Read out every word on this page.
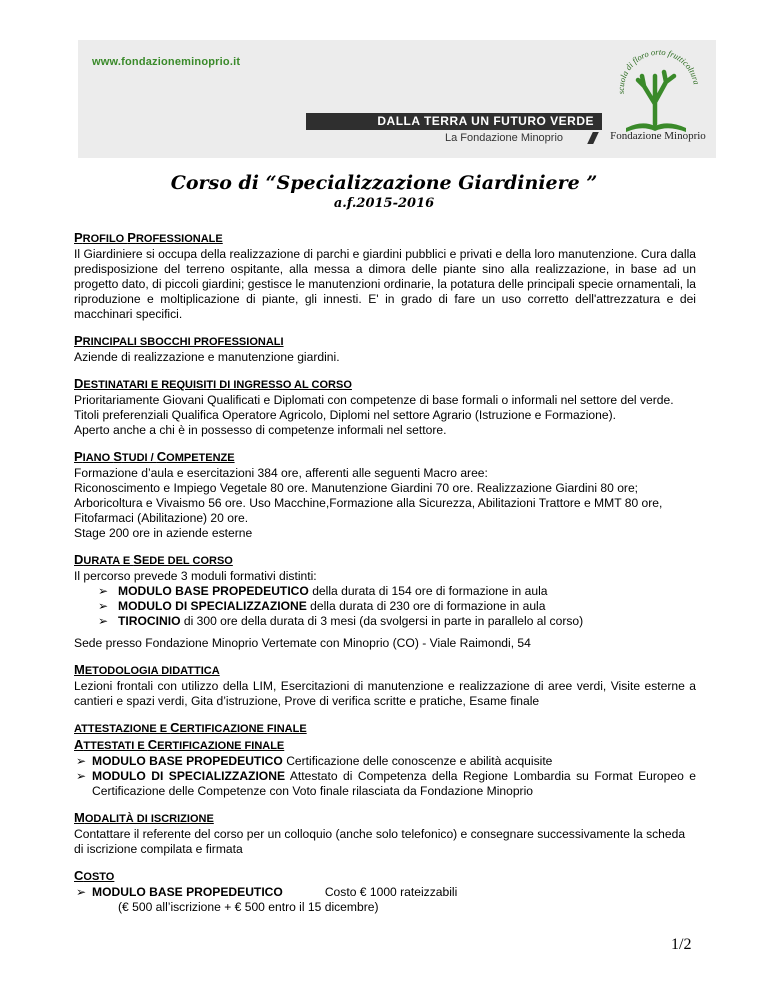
www.fondazioneminoprio.it
DALLA TERRA UN FUTURO VERDE
La Fondazione Minoprio
scuola di floro orto frutticoltura
Fondazione Minoprio
Corso di “Specializzazione Giardiniere ”
a.f.2015-2016
PROFILO PROFESSIONALE

Il Giardiniere si occupa della realizzazione di parchi e giardini pubblici e privati e della loro manutenzione. Cura dalla predisposizione del terreno ospitante, alla messa a dimora delle piante sino alla realizzazione, in base ad un progetto dato, di piccoli giardini; gestisce le manutenzioni ordinarie, la potatura delle principali specie ornamentali, la riproduzione e moltiplicazione di piante, gli innesti. E' in grado di fare un uso corretto dell'attrezzatura e dei macchinari specifici.

PRINCIPALI SBOCCHI PROFESSIONALI

Aziende di realizzazione e manutenzione giardini.

DESTINATARI E REQUISITI DI INGRESSO AL CORSO

Prioritariamente Giovani Qualificati e Diplomati con competenze di base formali o informali nel settore del verde.

Titoli preferenziali Qualifica Operatore Agricolo, Diplomi nel settore Agrario (Istruzione e Formazione).

Aperto anche a chi è in possesso di competenze informali nel settore.

PIANO STUDI / COMPETENZE

Formazione d’aula e esercitazioni 384 ore, afferenti alle seguenti Macro aree:

Riconoscimento e Impiego Vegetale 80 ore. Manutenzione Giardini 70 ore. Realizzazione Giardini 80 ore; Arboricoltura e Vivaismo 56 ore. Uso Macchine,Formazione alla Sicurezza, Abilitazioni Trattore e MMT 80 ore, Fitofarmaci (Abilitazione) 20 ore.

Stage 200 ore in aziende esterne

DURATA E SEDE DEL CORSO

Il percorso prevede 3 moduli formativi distinti:

➢ MODULO BASE PROPEDEUTICO della durata di 154 ore di formazione in aula
➢ MODULO DI SPECIALIZZAZIONE della durata di 230 ore di formazione in aula
➢ TIROCINIO di 300 ore della durata di 3 mesi (da svolgersi in parte in parallelo al corso)

Sede presso Fondazione Minoprio Vertemate con Minoprio (CO) - Viale Raimondi, 54

METODOLOGIA DIDATTICA

Lezioni frontali con utilizzo della LIM, Esercitazioni di manutenzione e realizzazione di aree verdi, Visite esterne a cantieri e spazi verdi, Gita d’istruzione, Prove di verifica scritte e pratiche, Esame finale

ATTESTAZIONE E CERTIFICAZIONE FINALE
ATTESTATI E CERTIFICAZIONE FINALE
➢ MODULO BASE PROPEDEUTICO Certificazione delle conoscenze e abilità acquisite
➢ MODULO DI SPECIALIZZAZIONE Attestato di Competenza della Regione Lombardia su Format Europeo e Certificazione delle Competenze con Voto finale rilasciata da Fondazione Minoprio
MODALITÀ DI ISCRIZIONE

Contattare il referente del corso per un colloquio (anche solo telefonico) e consegnare successivamente la scheda di iscrizione compilata e firmata

COSTO
➢ MODULO BASE PROPEDEUTICO	Costo € 1000 rateizzabili

(€ 500 all’iscrizione + € 500 entro il 15 dicembre)

1/2
